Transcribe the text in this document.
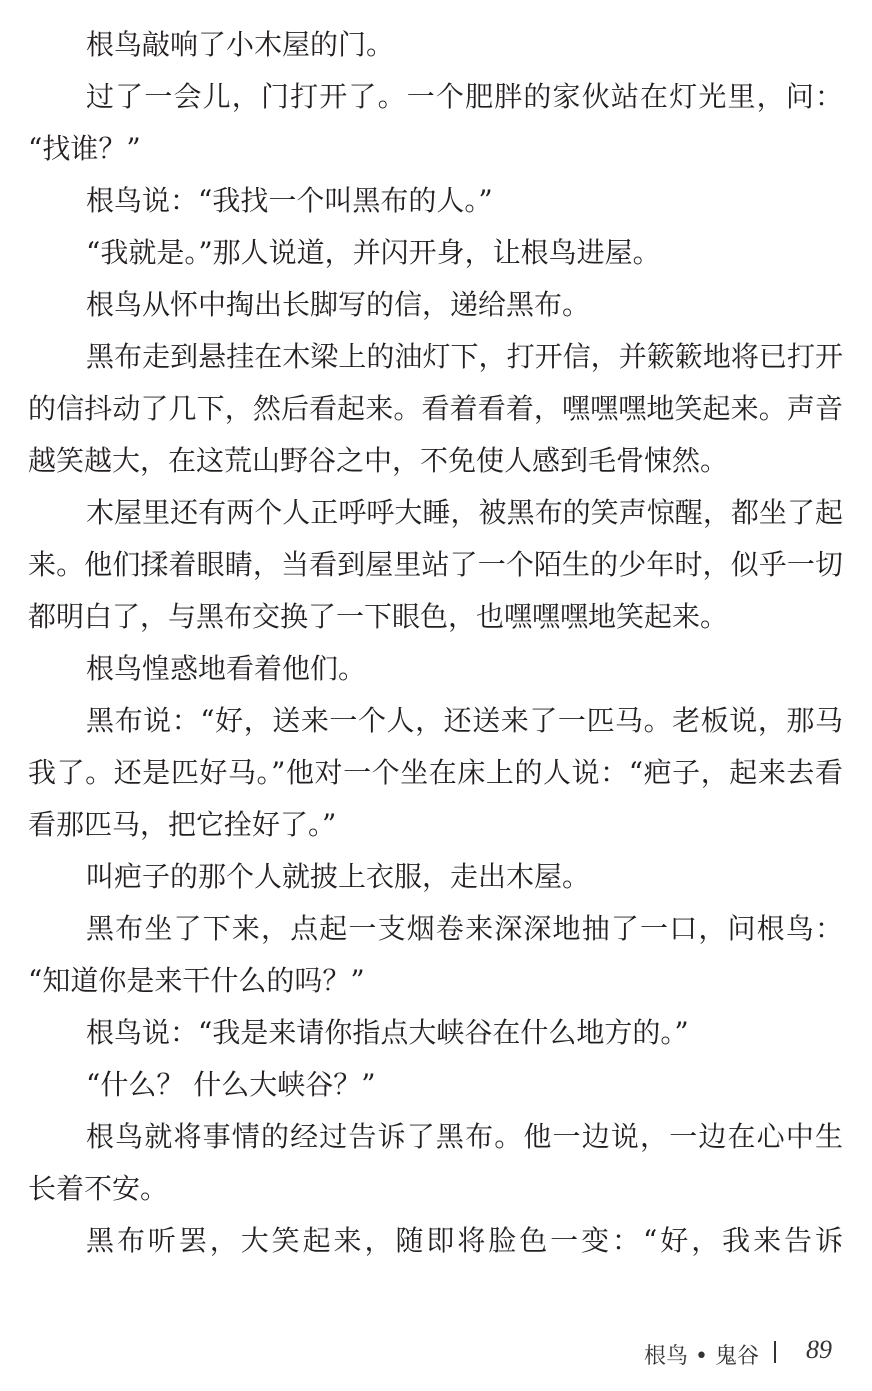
根鸟敲响了小木屋的门。
过了一会儿，门打开了。一个肥胖的家伙站在灯光里，问：
“找谁？”
根鸟说：“我找一个叫黑布的人。”
“我就是。”那人说道，并闪开身，让根鸟进屋。
根鸟从怀中掏出长脚写的信，递给黑布。
黑布走到悬挂在木梁上的油灯下，打开信，并簌簌地将已打开
的信抖动了几下，然后看起来。看着看着，嘿嘿嘿地笑起来。声音
越笑越大，在这荒山野谷之中，不免使人感到毛骨悚然。
木屋里还有两个人正呼呼大睡，被黑布的笑声惊醒，都坐了起
来。他们揉着眼睛，当看到屋里站了一个陌生的少年时，似乎一切
都明白了，与黑布交换了一下眼色，也嘿嘿嘿地笑起来。
根鸟惶惑地看着他们。
黑布说：“好，送来一个人，还送来了一匹马。老板说，那马
我了。还是匹好马。”他对一个坐在床上的人说：“疤子，起来去看
看那匹马，把它拴好了。”
叫疤子的那个人就披上衣服，走出木屋。
黑布坐了下来，点起一支烟卷来深深地抽了一口，问根鸟：
“知道你是来干什么的吗？”
根鸟说：“我是来请你指点大峡谷在什么地方的。”
“什么？ 什么大峡谷？”
根鸟就将事情的经过告诉了黑布。他一边说，一边在心中生
长着不安。
黑布听罢，大笑起来，随即将脸色一变：“好，我来告诉
根鸟 • 鬼谷 89
